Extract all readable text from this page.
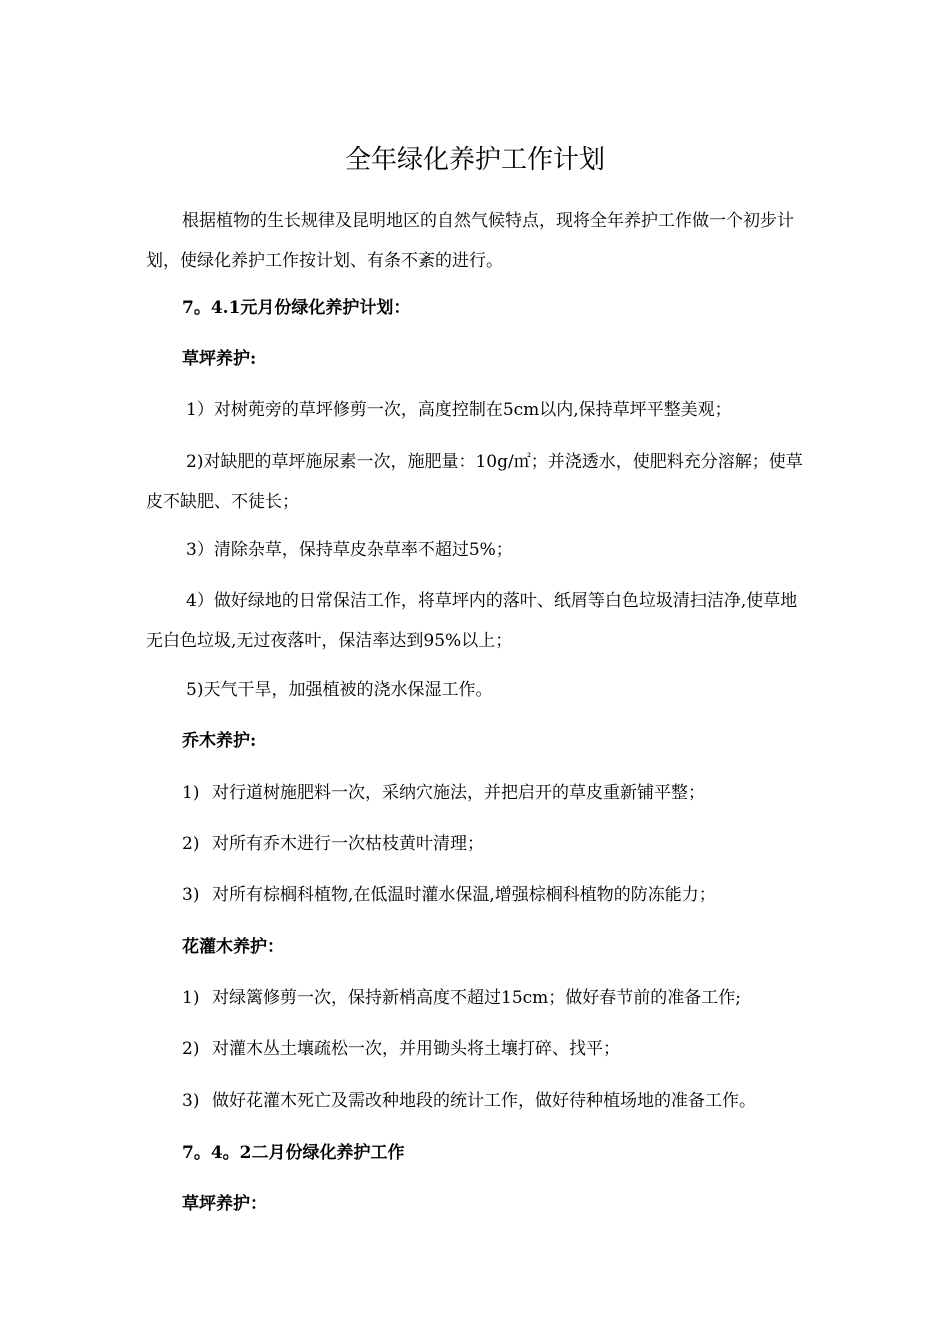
全年绿化养护工作计划

根据植物的生长规律及昆明地区的自然气候特点，现将全年养护工作做一个初步计划，使绿化养护工作按计划、有条不紊的进行。

7。4.1元月份绿化养护计划：

草坪养护:

1）对树蔸旁的草坪修剪一次，高度控制在5cm以内,保持草坪平整美观；

2)对缺肥的草坪施尿素一次，施肥量：10g/㎡；并浇透水，使肥料充分溶解；使草皮不缺肥、不徒长；

3）清除杂草，保持草皮杂草率不超过5%；

4）做好绿地的日常保洁工作，将草坪内的落叶、纸屑等白色垃圾清扫洁净,使草地无白色垃圾,无过夜落叶，保洁率达到95%以上；

5)天气干旱，加强植被的浇水保湿工作。

乔木养护:

1) 对行道树施肥料一次，采纳穴施法，并把启开的草皮重新铺平整；

2) 对所有乔木进行一次枯枝黄叶清理；

3) 对所有棕榈科植物,在低温时灌水保温,增强棕榈科植物的防冻能力；

花灌木养护：

1) 对绿篱修剪一次，保持新梢高度不超过15cm；做好春节前的准备工作;

2) 对灌木丛土壤疏松一次，并用锄头将土壤打碎、找平；

3) 做好花灌木死亡及需改种地段的统计工作，做好待种植场地的准备工作。

7。4。2二月份绿化养护工作

草坪养护：
